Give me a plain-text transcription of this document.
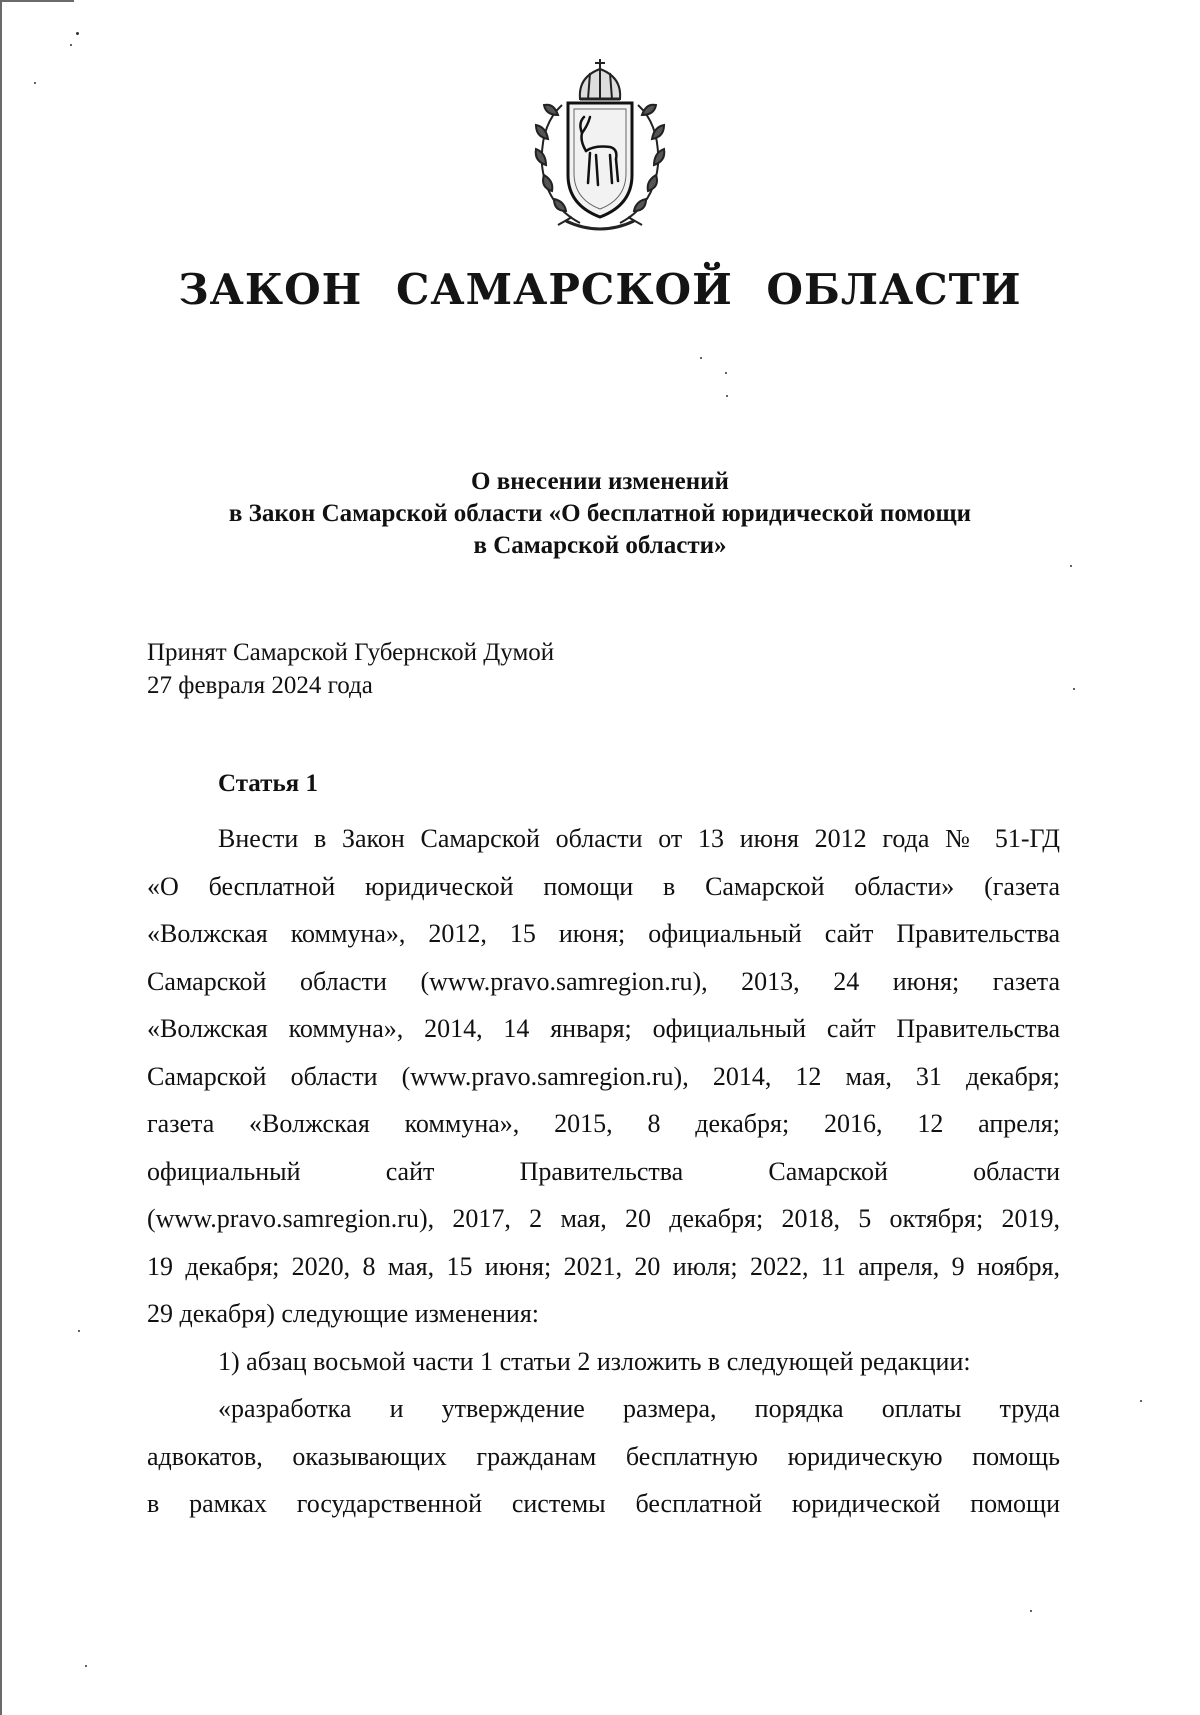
ЗАКОН САМАРСКОЙ ОБЛАСТИ
О внесении изменений
в Закон Самарской области «О бесплатной юридической помощи
в Самарской области»
Принят Самарской Губернской Думой
27 февраля 2024 года
Статья 1
Внести в Закон Самарской области от 13 июня 2012 года № 51-ГД
«О бесплатной юридической помощи в Самарской области» (газета
«Волжская коммуна», 2012, 15 июня; официальный сайт Правительства
Самарской области (www.pravo.samregion.ru), 2013, 24 июня; газета
«Волжская коммуна», 2014, 14 января; официальный сайт Правительства
Самарской области (www.pravo.samregion.ru), 2014, 12 мая, 31 декабря;
газета «Волжская коммуна», 2015, 8 декабря; 2016, 12 апреля;
официальный сайт Правительства Самарской области
(www.pravo.samregion.ru), 2017, 2 мая, 20 декабря; 2018, 5 октября; 2019,
19 декабря; 2020, 8 мая, 15 июня; 2021, 20 июля; 2022, 11 апреля, 9 ноября,
29 декабря) следующие изменения:
1) абзац восьмой части 1 статьи 2 изложить в следующей редакции:
«разработка и утверждение размера, порядка оплаты труда
адвокатов, оказывающих гражданам бесплатную юридическую помощь
в рамках государственной системы бесплатной юридической помощи
